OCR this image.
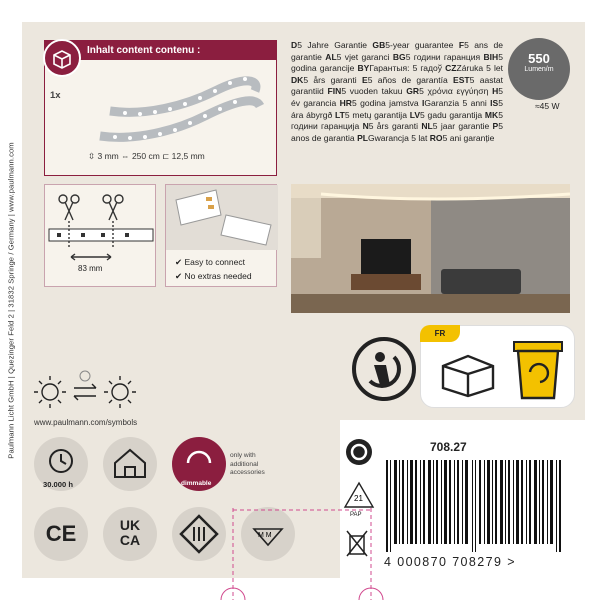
Paulmann Licht GmbH | Quezinger Feld 2 | 31832 Springe / Germany | www.paulmann.com
Inhalt content contenu :
1x
⇳ 3 mm ⇔ 250 cm ⊏ 12,5 mm
D5 Jahre Garantie GB5-year guarantee F5 ans de garantie AL5 vjet garanci BG5 години гаранция BIH5 godina garancije BYГарантыя: 5 гадоў CZZáruka 5 let DK5 års garanti E5 años de garantía EST5 aastat garantiid FIN5 vuoden takuu GR5 χρόνια εγγύηση H5 év garancia HR5 godina jamstva IGaranzia 5 anni IS5 ára ábyrgð LT5 metų garantija LV5 gadu garantija MK5 години гаранција N5 års garanti NL5 jaar garantie P5 anos de garantia PLGwarancja 5 lat RO5 ani garanție
550
Lumen/m
≈45 W
83 mm
✔ Easy to connect
✔ No extras needed
FR
www.paulmann.com/symbols
30.000 h	dimmable
only with additional accessories
CE	UK
CA	M M
708.27
21
PAP
4 000870 708279 >
